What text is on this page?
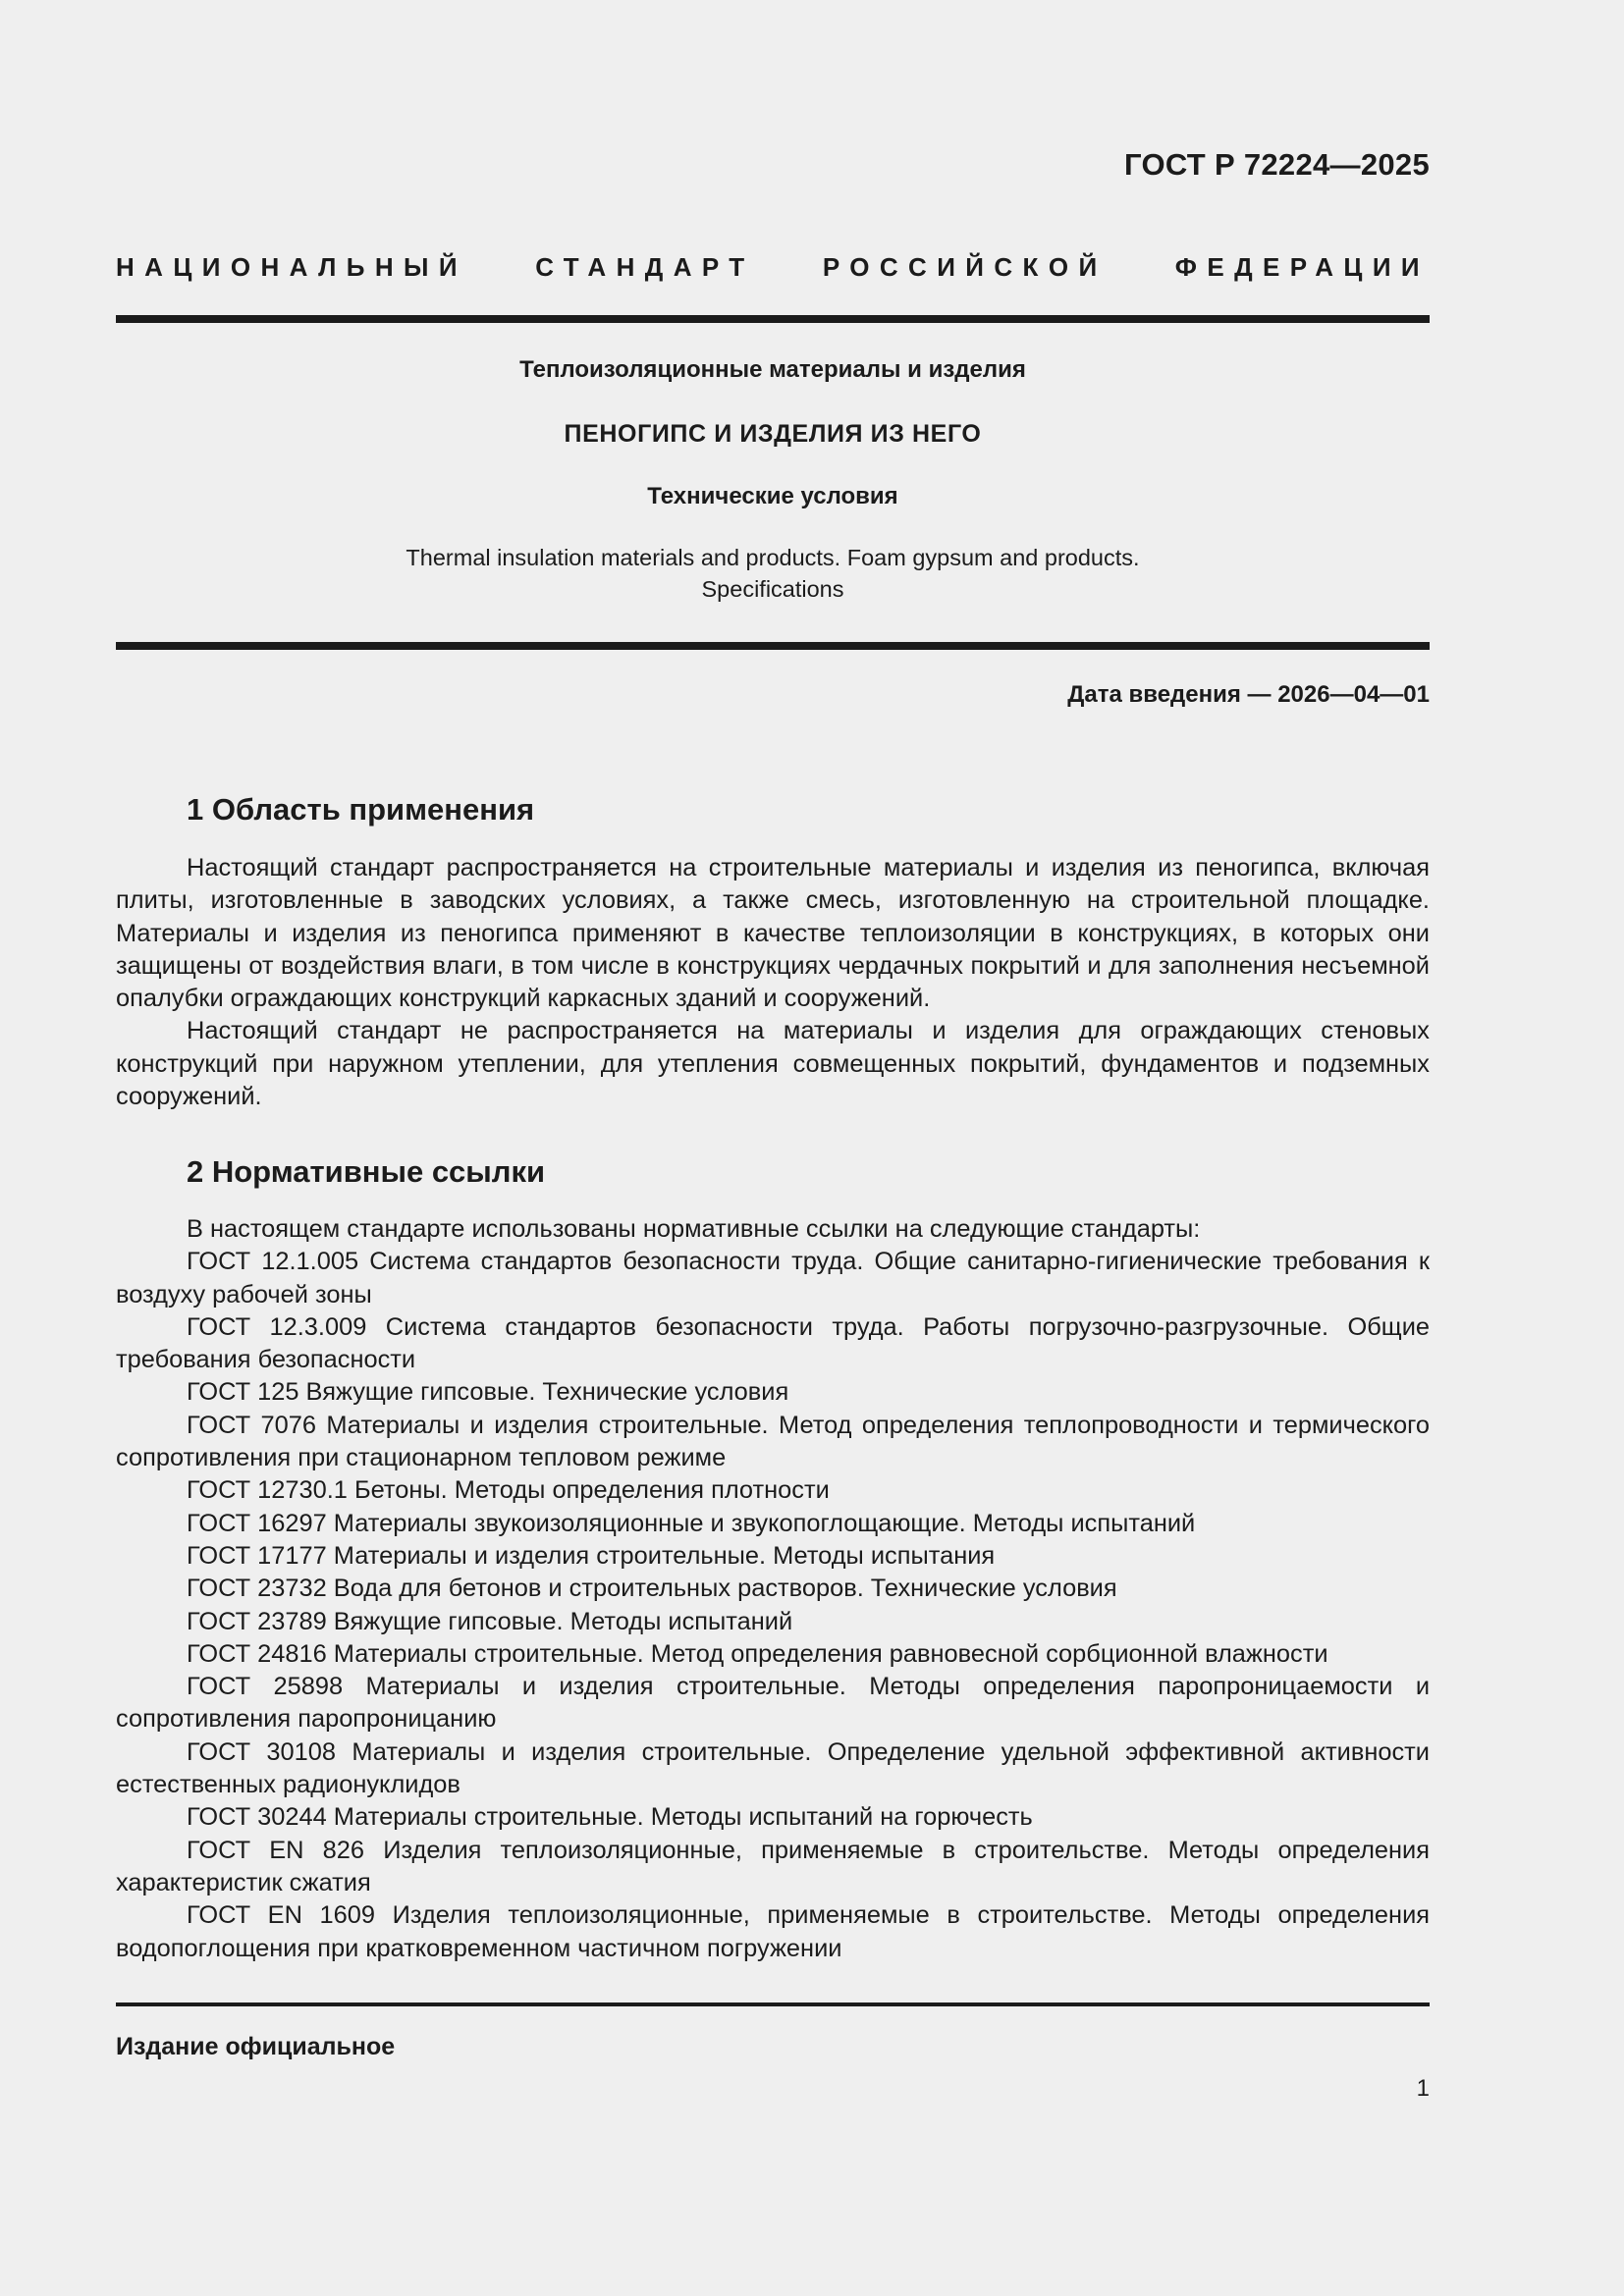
ГОСТ Р 72224—2025
НАЦИОНАЛЬНЫЙ СТАНДАРТ РОССИЙСКОЙ ФЕДЕРАЦИИ
Теплоизоляционные материалы и изделия
ПЕНОГИПС И ИЗДЕЛИЯ ИЗ НЕГО
Технические условия
Thermal insulation materials and products. Foam gypsum and products.
Specifications
Дата введения — 2026—04—01
1 Область применения

Настоящий стандарт распространяется на строительные материалы и изделия из пеногипса, включая плиты, изготовленные в заводских условиях, а также смесь, изготовленную на строительной площадке. Материалы и изделия из пеногипса применяют в качестве теплоизоляции в конструкциях, в которых они защищены от воздействия влаги, в том числе в конструкциях чердачных покрытий и для заполнения несъемной опалубки ограждающих конструкций каркасных зданий и сооружений.

Настоящий стандарт не распространяется на материалы и изделия для ограждающих стеновых конструкций при наружном утеплении, для утепления совмещенных покрытий, фундаментов и подземных сооружений.

2 Нормативные ссылки

В настоящем стандарте использованы нормативные ссылки на следующие стандарты:

ГОСТ 12.1.005 Система стандартов безопасности труда. Общие санитарно-гигиенические требования к воздуху рабочей зоны

ГОСТ 12.3.009 Система стандартов безопасности труда. Работы погрузочно-разгрузочные. Общие требования безопасности

ГОСТ 125 Вяжущие гипсовые. Технические условия

ГОСТ 7076 Материалы и изделия строительные. Метод определения теплопроводности и термического сопротивления при стационарном тепловом режиме

ГОСТ 12730.1 Бетоны. Методы определения плотности

ГОСТ 16297 Материалы звукоизоляционные и звукопоглощающие. Методы испытаний

ГОСТ 17177 Материалы и изделия строительные. Методы испытания

ГОСТ 23732 Вода для бетонов и строительных растворов. Технические условия

ГОСТ 23789 Вяжущие гипсовые. Методы испытаний

ГОСТ 24816 Материалы строительные. Метод определения равновесной сорбционной влажности

ГОСТ 25898 Материалы и изделия строительные. Методы определения паропроницаемости и сопротивления паропроницанию

ГОСТ 30108 Материалы и изделия строительные. Определение удельной эффективной активности естественных радионуклидов

ГОСТ 30244 Материалы строительные. Методы испытаний на горючесть

ГОСТ EN 826 Изделия теплоизоляционные, применяемые в строительстве. Методы определения характеристик сжатия

ГОСТ EN 1609 Изделия теплоизоляционные, применяемые в строительстве. Методы определения водопоглощения при кратковременном частичном погружении

Издание официальное
1
